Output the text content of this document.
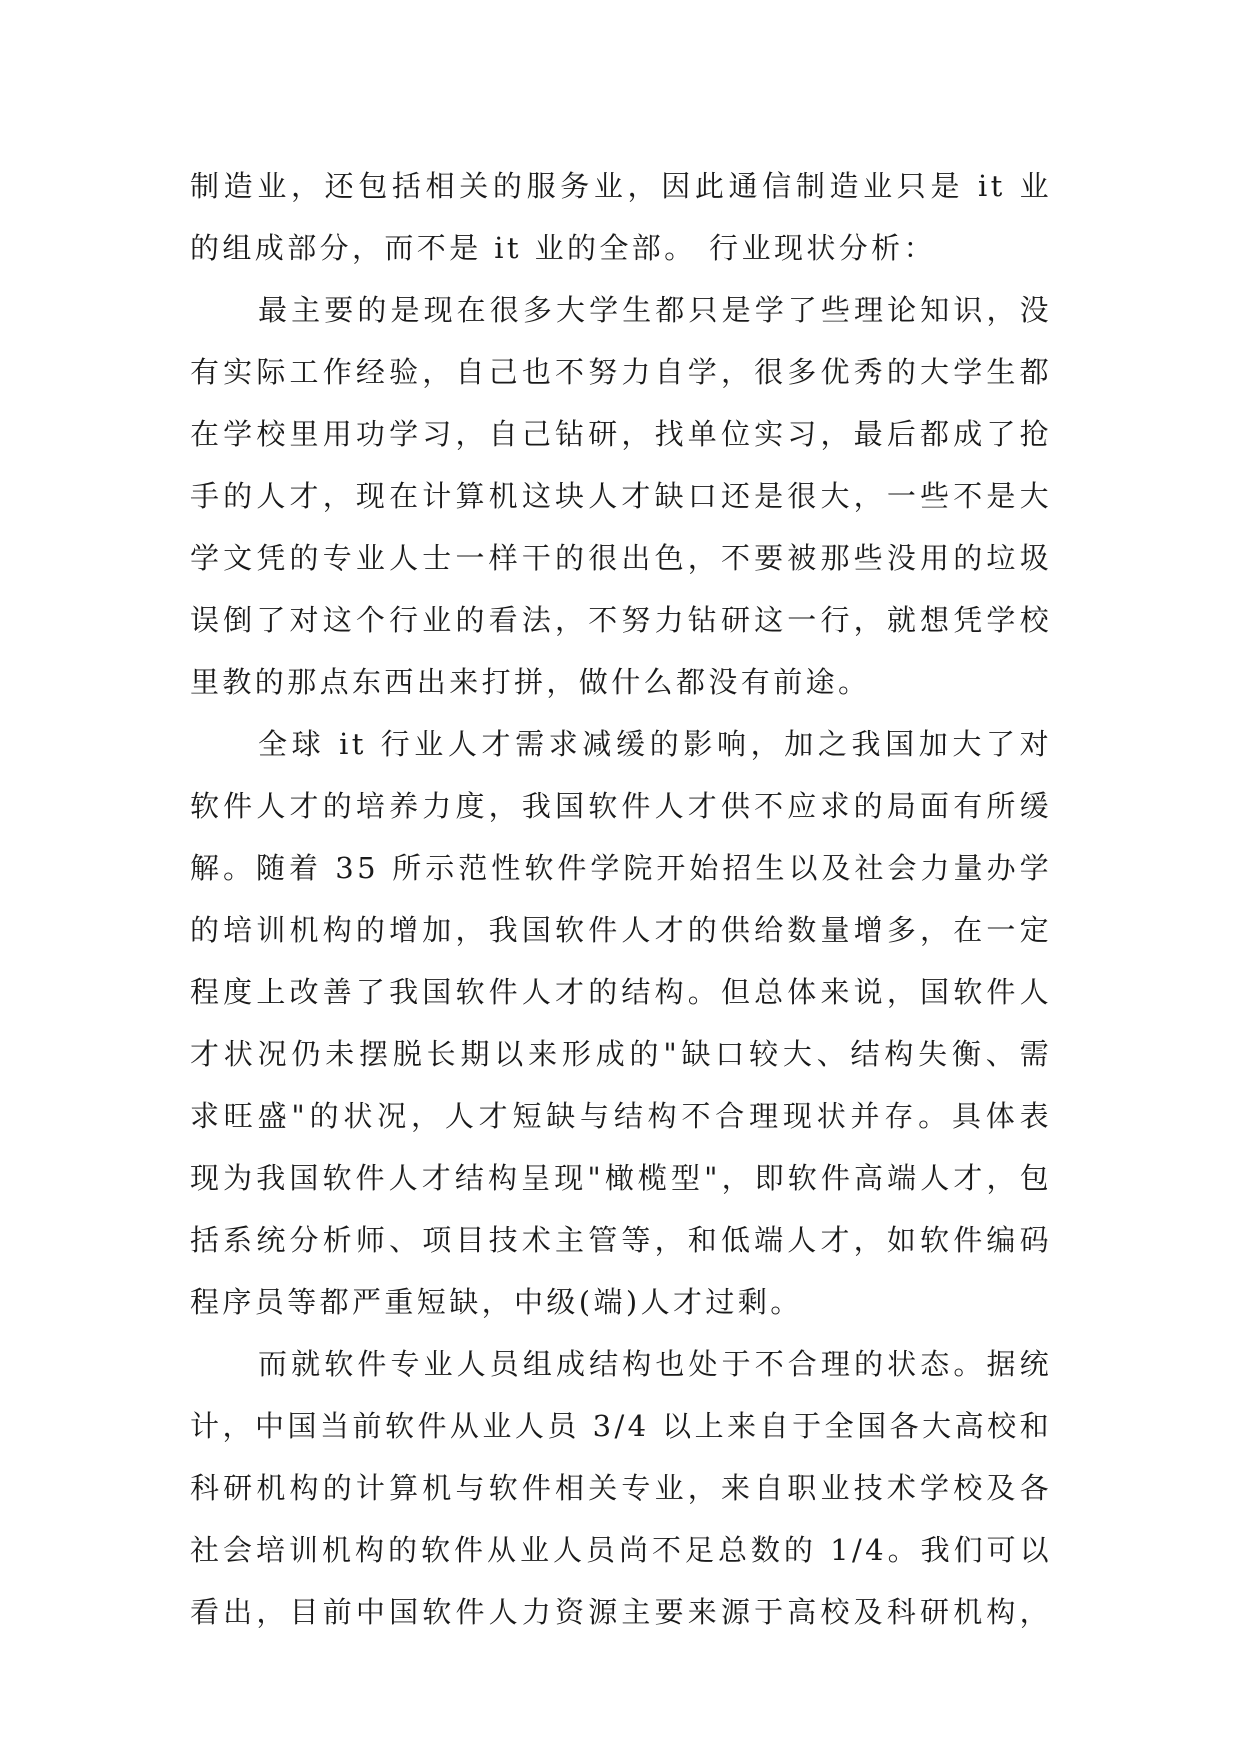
制造业，还包括相关的服务业，因此通信制造业只是 it 业
的组成部分，而不是 it 业的全部。 行业现状分析：
最主要的是现在很多大学生都只是学了些理论知识，没
有实际工作经验，自己也不努力自学，很多优秀的大学生都
在学校里用功学习，自己钻研，找单位实习，最后都成了抢
手的人才，现在计算机这块人才缺口还是很大，一些不是大
学文凭的专业人士一样干的很出色，不要被那些没用的垃圾
误倒了对这个行业的看法，不努力钻研这一行，就想凭学校
里教的那点东西出来打拼，做什么都没有前途。
全球 it 行业人才需求减缓的影响，加之我国加大了对
软件人才的培养力度，我国软件人才供不应求的局面有所缓
解。随着 35 所示范性软件学院开始招生以及社会力量办学
的培训机构的增加，我国软件人才的供给数量增多，在一定
程度上改善了我国软件人才的结构。但总体来说，国软件人
才状况仍未摆脱长期以来形成的"缺口较大、结构失衡、需
求旺盛"的状况，人才短缺与结构不合理现状并存。具体表
现为我国软件人才结构呈现"橄榄型"，即软件高端人才，包
括系统分析师、项目技术主管等，和低端人才，如软件编码
程序员等都严重短缺，中级(端)人才过剩。
而就软件专业人员组成结构也处于不合理的状态。据统
计，中国当前软件从业人员 3/4 以上来自于全国各大高校和
科研机构的计算机与软件相关专业，来自职业技术学校及各
社会培训机构的软件从业人员尚不足总数的 1/4。我们可以
看出，目前中国软件人力资源主要来源于高校及科研机构，
